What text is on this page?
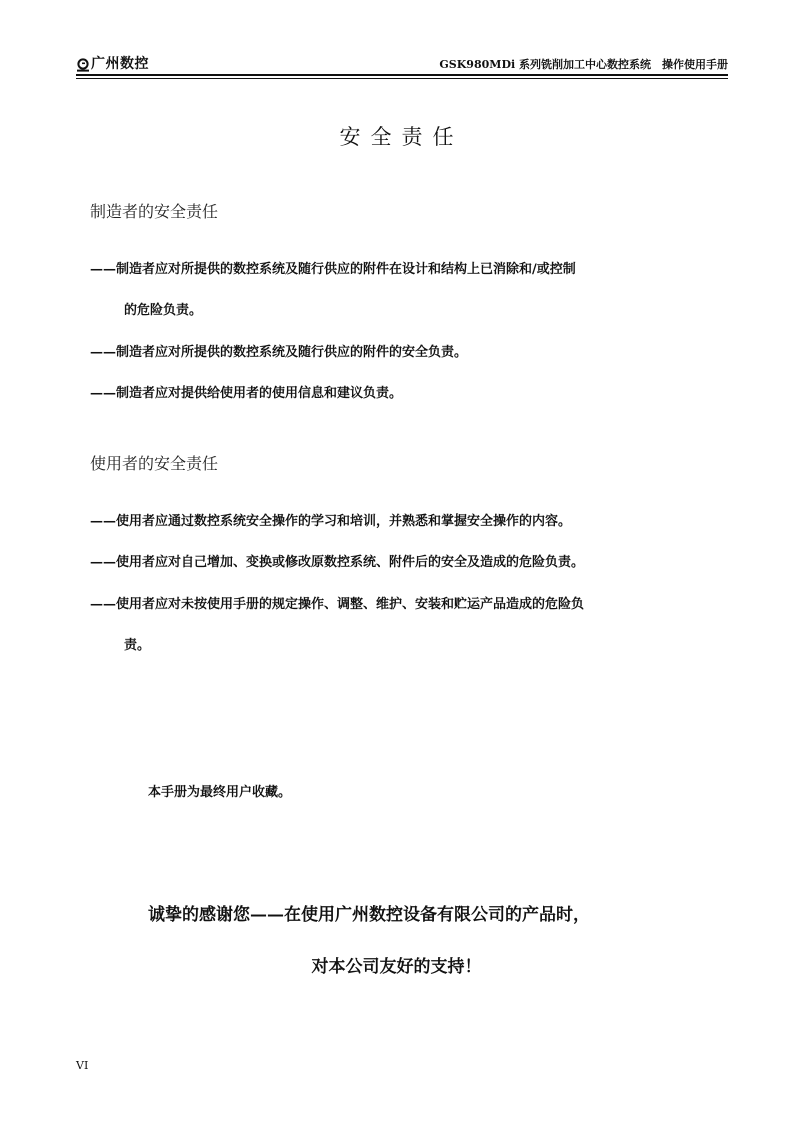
广州数控	GSK980MDi 系列铣削加工中心数控系统　操作使用手册
安全责任
制造者的安全责任
——制造者应对所提供的数控系统及随行供应的附件在设计和结构上已消除和/或控制
的危险负责。
——制造者应对所提供的数控系统及随行供应的附件的安全负责。
——制造者应对提供给使用者的使用信息和建议负责。
使用者的安全责任
——使用者应通过数控系统安全操作的学习和培训，并熟悉和掌握安全操作的内容。
——使用者应对自己增加、变换或修改原数控系统、附件后的安全及造成的危险负责。
——使用者应对未按使用手册的规定操作、调整、维护、安装和贮运产品造成的危险负
责。
本手册为最终用户收藏。
诚挚的感谢您——在使用广州数控设备有限公司的产品时，
对本公司友好的支持！
VI
